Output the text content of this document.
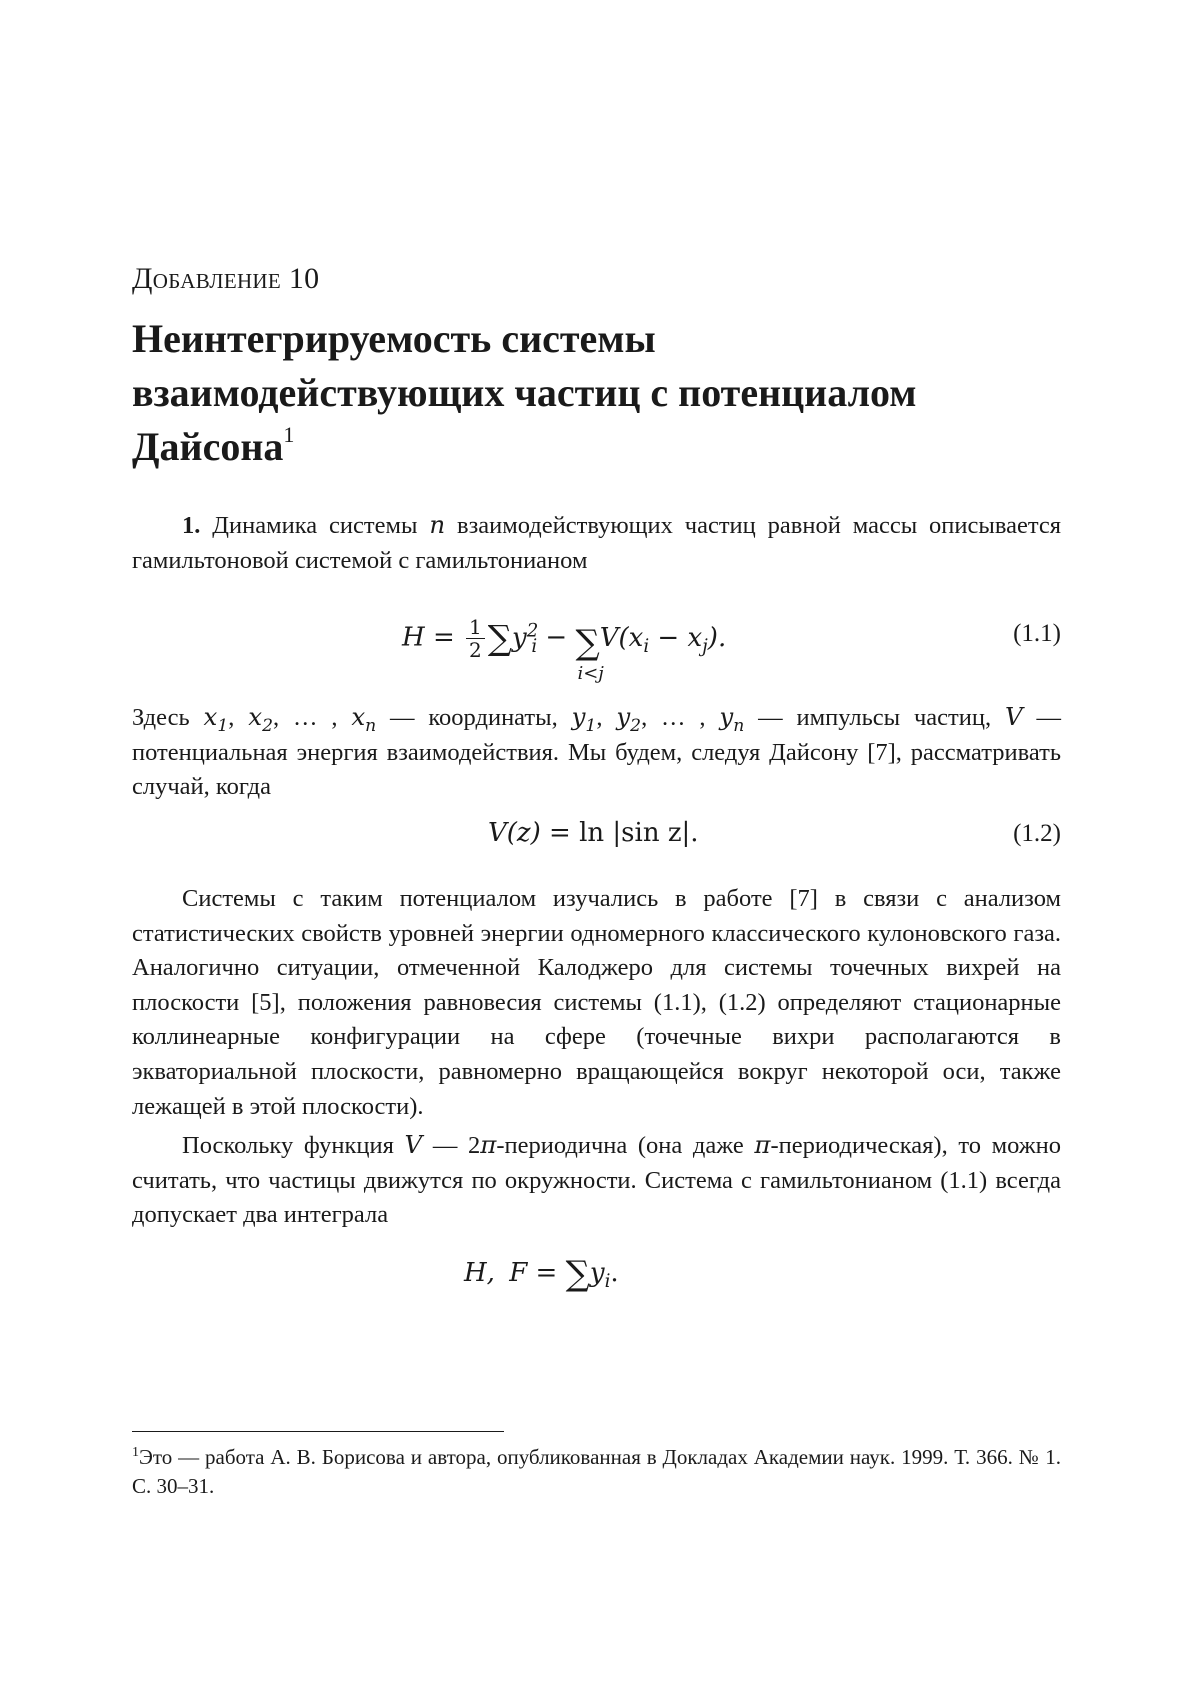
Добавление 10
Неинтегрируемость системы
взаимодействующих частиц с потенциалом
Дайсона$^1$

1. Динамика системы n взаимодействующих частиц равной массы описывается гамильтоновой системой с гамильтонианом

$H = \frac{1}{2} \sum y^2_i$ − ∑
i<j
$V(x_i - x_j)$.	(1.1)

Здесь $x_1$, $x_2$, … , $x_n$ — координаты, $y_1$, $y_2$, … , $y_n$ — импульсы частиц, V — потенциальная энергия взаимодействия. Мы будем, следуя Дайсону [7], рассматривать случай, когда

V(z) = ln |sin z|.	(1.2)

Системы с таким потенциалом изучались в работе [7] в связи с анализом статистических свойств уровней энергии одномерного классического кулоновского газа. Аналогично ситуации, отмеченной Калоджеро для системы точечных вихрей на плоскости [5], положения равновесия системы (1.1), (1.2) определяют стационарные коллинеарные конфигурации на сфере (точечные вихри располагаются в экваториальной плоскости, равномерно вращающейся вокруг некоторой оси, также лежащей в этой плоскости).

Поскольку функция V — 2π-периодична (она даже π-периодическая), то можно считать, что частицы движутся по окружности. Система с гамильтонианом (1.1) всегда допускает два интеграла

H, $F = \sum y_i$.

$^1$Это — работа А. В. Борисова и автора, опубликованная в Докладах Академии наук. 1999. Т. 366. № 1. С. 30–31.
